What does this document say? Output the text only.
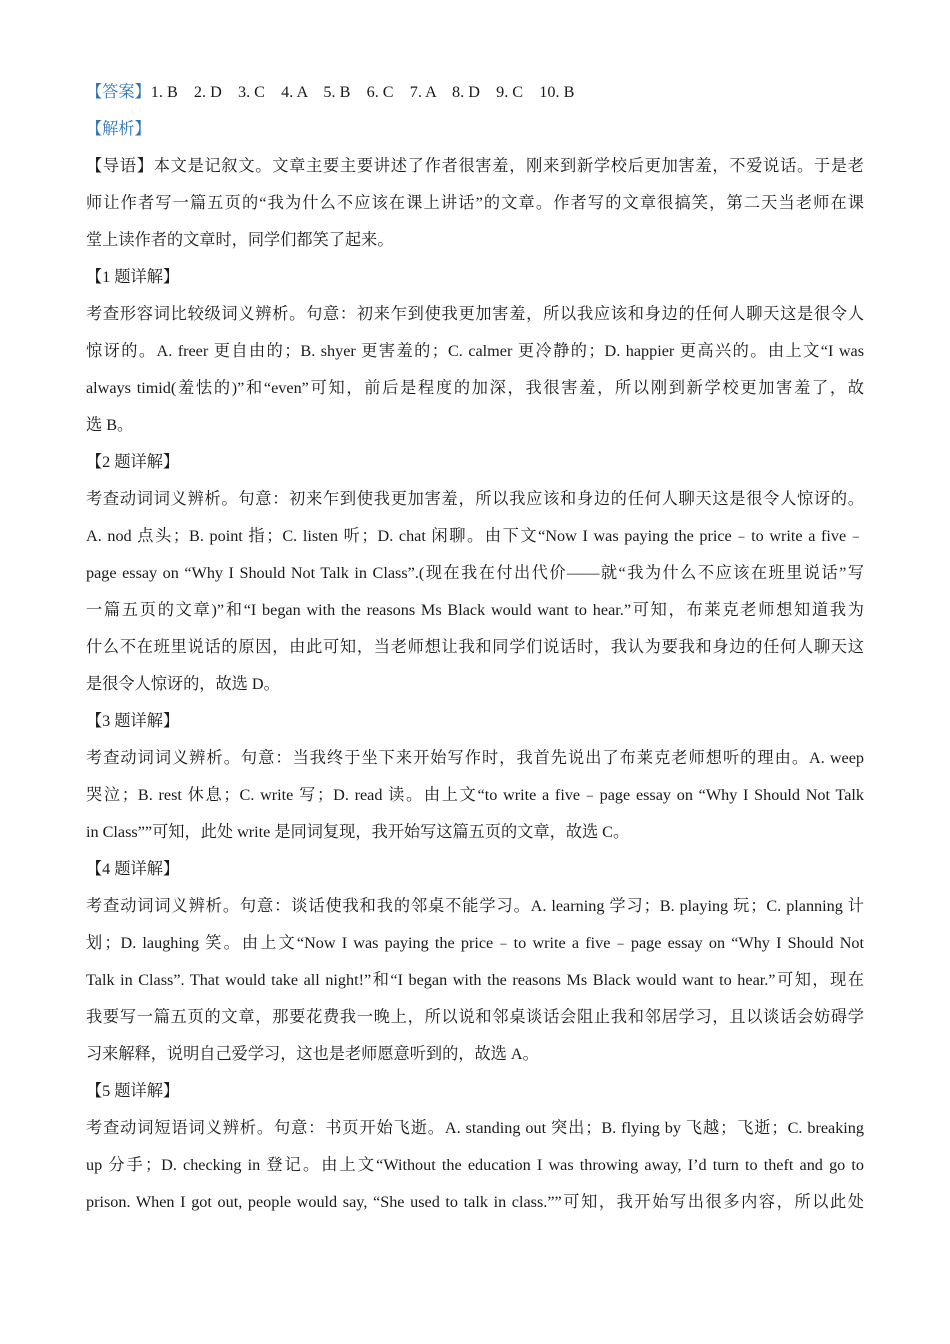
【答案】1. B　2. D　3. C　4. A　5. B　6. C　7. A　8. D　9. C　10. B
【解析】
【导语】本文是记叙文。文章主要主要讲述了作者很害羞，刚来到新学校后更加害羞，不爱说话。于是老
师让作者写一篇五页的“我为什么不应该在课上讲话”的文章。作者写的文章很搞笑，第二天当老师在课
堂上读作者的文章时，同学们都笑了起来。
【1 题详解】
考查形容词比较级词义辨析。句意：初来乍到使我更加害羞，所以我应该和身边的任何人聊天这是很令人
惊讶的。A. freer 更自由的；B. shyer 更害羞的；C. calmer 更冷静的；D. happier 更高兴的。由上文“I was
always timid(羞怯的)”和“even”可知，前后是程度的加深，我很害羞，所以刚到新学校更加害羞了，故
选 B。
【2 题详解】
考查动词词义辨析。句意：初来乍到使我更加害羞，所以我应该和身边的任何人聊天这是很令人惊讶的。
A. nod 点头；B. point 指；C. listen 听；D. chat 闲聊。由下文“Now I was paying the price﹣to write a five﹣
page essay on “Why I Should Not Talk in Class”.(现在我在付出代价——就“我为什么不应该在班里说话”写
一篇五页的文章)”和“I began with the reasons Ms Black would want to hear.”可知，布莱克老师想知道我为
什么不在班里说话的原因，由此可知，当老师想让我和同学们说话时，我认为要我和身边的任何人聊天这
是很令人惊讶的，故选 D。
【3 题详解】
考查动词词义辨析。句意：当我终于坐下来开始写作时，我首先说出了布莱克老师想听的理由。A. weep
哭泣；B. rest 休息；C. write 写；D. read 读。由上文“to write a five﹣page essay on “Why I Should Not Talk
in Class””可知，此处 write 是同词复现，我开始写这篇五页的文章，故选 C。
【4 题详解】
考查动词词义辨析。句意：谈话使我和我的邻桌不能学习。A. learning 学习；B. playing 玩；C. planning 计
划；D. laughing 笑。由上文“Now I was paying the price﹣to write a five﹣page essay on “Why I Should Not
Talk in Class”. That would take all night!”和“I began with the reasons Ms Black would want to hear.”可知，现在
我要写一篇五页的文章，那要花费我一晚上，所以说和邻桌谈话会阻止我和邻居学习，且以谈话会妨碍学
习来解释，说明自己爱学习，这也是老师愿意听到的，故选 A。
【5 题详解】
考查动词短语词义辨析。句意：书页开始飞逝。A. standing out 突出；B. flying by 飞越；飞逝；C. breaking
up 分手；D. checking in 登记。由上文“Without the education I was throwing away, I’d turn to theft and go to
prison. When I got out, people would say, “She used to talk in class.””可知，我开始写出很多内容，所以此处
